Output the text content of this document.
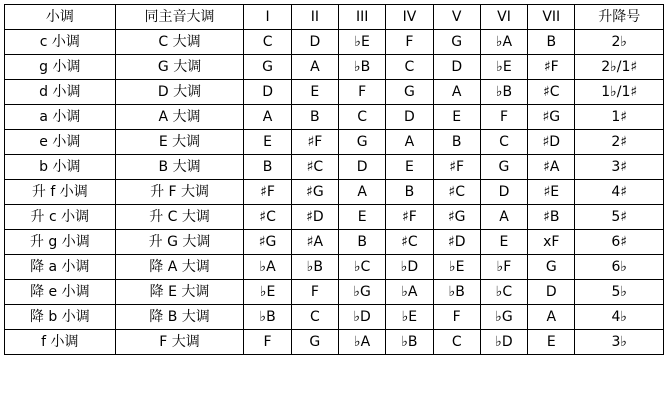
小调	同主音大调	I	II	III	IV	V	VI	VII	升降号
c 小调	C 大调	C	D	♭E	F	G	♭A	B	2♭
g 小调	G 大调	G	A	♭B	C	D	♭E	♯F	2♭/1♯
d 小调	D 大调	D	E	F	G	A	♭B	♯C	1♭/1♯
a 小调	A 大调	A	B	C	D	E	F	♯G	1♯
e 小调	E 大调	E	♯F	G	A	B	C	♯D	2♯
b 小调	B 大调	B	♯C	D	E	♯F	G	♯A	3♯
升 f 小调	升 F 大调	♯F	♯G	A	B	♯C	D	♯E	4♯
升 c 小调	升 C 大调	♯C	♯D	E	♯F	♯G	A	♯B	5♯
升 g 小调	升 G 大调	♯G	♯A	B	♯C	♯D	E	xF	6♯
降 a 小调	降 A 大调	♭A	♭B	♭C	♭D	♭E	♭F	G	6♭
降 e 小调	降 E 大调	♭E	F	♭G	♭A	♭B	♭C	D	5♭
降 b 小调	降 B 大调	♭B	C	♭D	♭E	F	♭G	A	4♭
f 小调	F 大调	F	G	♭A	♭B	C	♭D	E	3♭
